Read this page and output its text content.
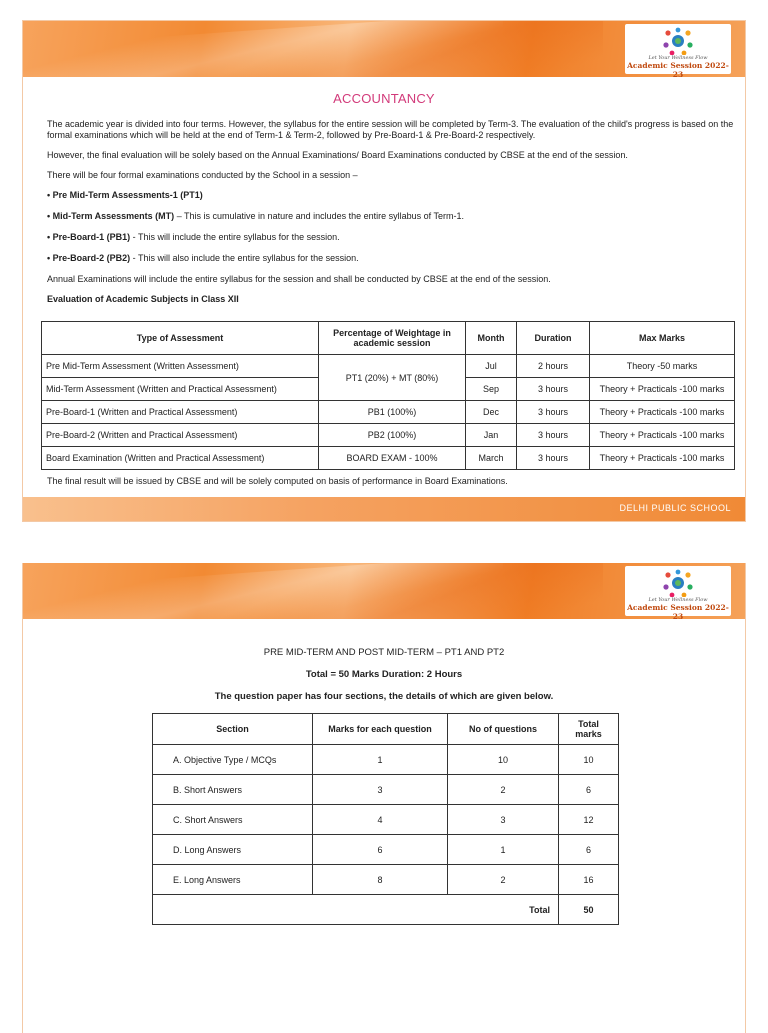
Let Your Wellness Flow
Academic Session 2022-23
ACCOUNTANCY

The academic year is divided into four terms. However, the syllabus for the entire session will be completed by Term-3. The evaluation of the child's progress is based on the formal examinations which will be held at the end of Term-1 & Term-2, followed by Pre-Board-1 & Pre-Board-2 respectively.

However, the final evaluation will be solely based on the Annual Examinations/ Board Examinations conducted by CBSE at the end of the session.

There will be four formal examinations conducted by the School in a session –

• Pre Mid-Term Assessments-1 (PT1)

• Mid-Term Assessments (MT) – This is cumulative in nature and includes the entire syllabus of Term-1.

• Pre-Board-1 (PB1) - This will include the entire syllabus for the session.

• Pre-Board-2 (PB2) - This will also include the entire syllabus for the session.

Annual Examinations will include the entire syllabus for the session and shall be conducted by CBSE at the end of the session.

Evaluation of Academic Subjects in Class XII

Type of Assessment	Percentage of Weightage in academic session	Month	Duration	Max Marks
Pre Mid-Term Assessment (Written Assessment)	PT1 (20%) + MT (80%)	Jul	2 hours	Theory -50 marks
Mid-Term Assessment (Written and Practical Assessment)		Sep	3 hours	Theory + Practicals -100 marks
Pre-Board-1 (Written and Practical Assessment)	PB1 (100%)	Dec	3 hours	Theory + Practicals -100 marks
Pre-Board-2 (Written and Practical Assessment)	PB2 (100%)	Jan	3 hours	Theory + Practicals -100 marks
Board Examination (Written and Practical Assessment)	BOARD EXAM - 100%	March	3 hours	Theory + Practicals -100 marks

The final result will be issued by CBSE and will be solely computed on basis of performance in Board Examinations.

DELHI PUBLIC SCHOOL
Let Your Wellness Flow
Academic Session 2022-23
PRE MID-TERM AND POST MID-TERM – PT1 AND PT2
Total = 50 Marks Duration: 2 Hours
The question paper has four sections, the details of which are given below.
Section	Marks for each question	No of questions	Total marks
A. Objective Type / MCQs	1	10	10
B. Short Answers	3	2	6
C. Short Answers	4	3	12
D. Long Answers	6	1	6
E. Long Answers	8	2	16
Total			50
